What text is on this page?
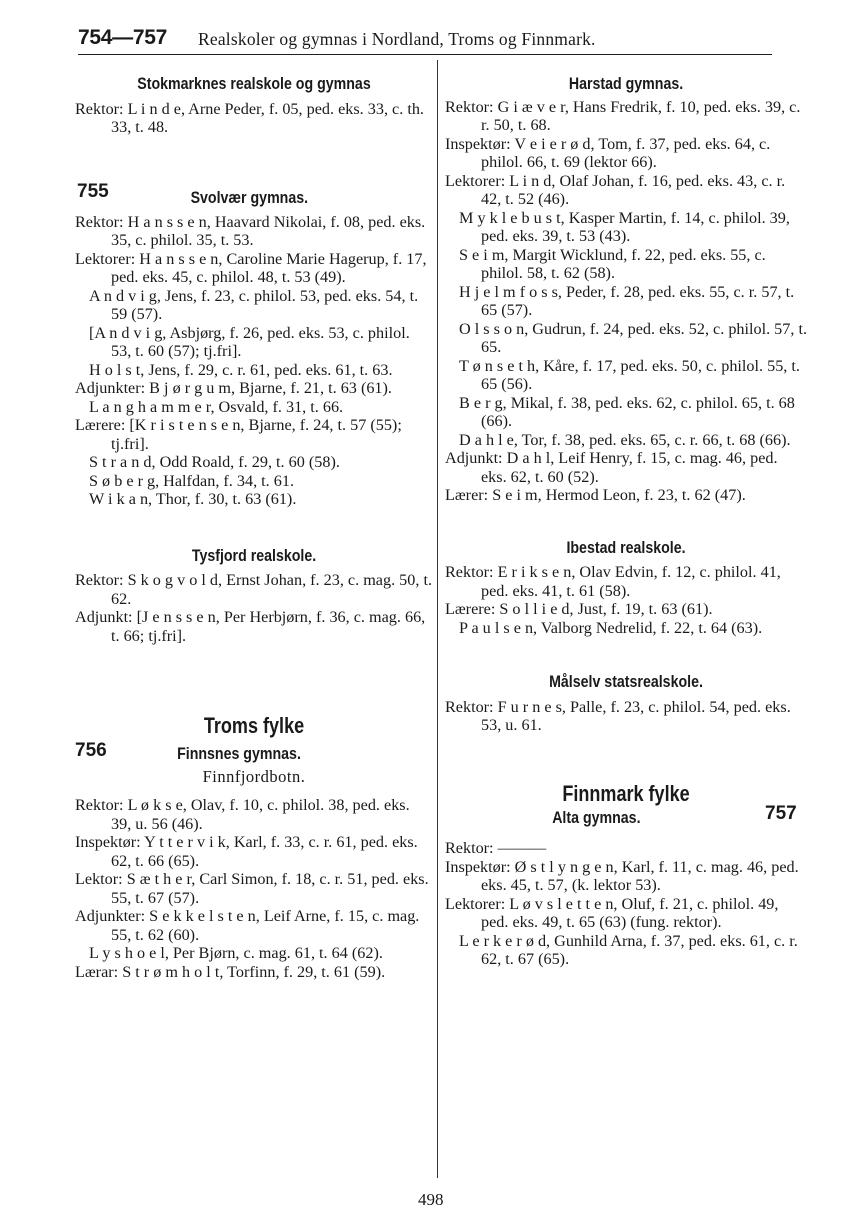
754—757 Realskoler og gymnas i Nordland, Troms og Finnmark.
Stokmarknes realskole og gymnas
Rektor: L i n d e, Arne Peder, f. 05, ped. eks. 33, c. th. 33, t. 48.
755	Svolvær gymnas.
Rektor: H a n s s e n, Haavard Nikolai, f. 08, ped. eks. 35, c. philol. 35, t. 53.
Lektorer: H a n s s e n, Caroline Marie Hagerup, f. 17, ped. eks. 45, c. philol. 48, t. 53 (49).
A n d v i g, Jens, f. 23, c. philol. 53, ped. eks. 54, t. 59 (57).
[A n d v i g, Asbjørg, f. 26, ped. eks. 53, c. philol. 53, t. 60 (57); tj.fri].
H o l s t, Jens, f. 29, c. r. 61, ped. eks. 61, t. 63.
Adjunkter: B j ø r g u m, Bjarne, f. 21, t. 63 (61).
L a n g h a m m e r, Osvald, f. 31, t. 66.
Lærere: [K r i s t e n s e n, Bjarne, f. 24, t. 57 (55); tj.fri].
S t r a n d, Odd Roald, f. 29, t. 60 (58).
S ø b e r g, Halfdan, f. 34, t. 61.
W i k a n, Thor, f. 30, t. 63 (61).
Tysfjord realskole.
Rektor: S k o g v o l d, Ernst Johan, f. 23, c. mag. 50, t. 62.
Adjunkt: [J e n s s e n, Per Herbjørn, f. 36, c. mag. 66, t. 66; tj.fri].
Troms fylke
756	Finnsnes gymnas.
Finnfjordbotn.
Rektor: L ø k s e, Olav, f. 10, c. philol. 38, ped. eks. 39, u. 56 (46).
Inspektør: Y t t e r v i k, Karl, f. 33, c. r. 61, ped. eks. 62, t. 66 (65).
Lektor: S æ t h e r, Carl Simon, f. 18, c. r. 51, ped. eks. 55, t. 67 (57).
Adjunkter: S e k k e l s t e n, Leif Arne, f. 15, c. mag. 55, t. 62 (60).
L y s h o e l, Per Bjørn, c. mag. 61, t. 64 (62).
Lærar: S t r ø m h o l t, Torfinn, f. 29, t. 61 (59).
Harstad gymnas.
Rektor: G i æ v e r, Hans Fredrik, f. 10, ped. eks. 39, c. r. 50, t. 68.
Inspektør: V e i e r ø d, Tom, f. 37, ped. eks. 64, c. philol. 66, t. 69 (lektor 66).
Lektorer: L i n d, Olaf Johan, f. 16, ped. eks. 43, c. r. 42, t. 52 (46).
M y k l e b u s t, Kasper Martin, f. 14, c. philol. 39, ped. eks. 39, t. 53 (43).
S e i m, Margit Wicklund, f. 22, ped. eks. 55, c. philol. 58, t. 62 (58).
H j e l m f o s s, Peder, f. 28, ped. eks. 55, c. r. 57, t. 65 (57).
O l s s o n, Gudrun, f. 24, ped. eks. 52, c. philol. 57, t. 65.
T ø n s e t h, Kåre, f. 17, ped. eks. 50, c. philol. 55, t. 65 (56).
B e r g, Mikal, f. 38, ped. eks. 62, c. philol. 65, t. 68 (66).
D a h l e, Tor, f. 38, ped. eks. 65, c. r. 66, t. 68 (66).
Adjunkt: D a h l, Leif Henry, f. 15, c. mag. 46, ped. eks. 62, t. 60 (52).
Lærer: S e i m, Hermod Leon, f. 23, t. 62 (47).
Ibestad realskole.
Rektor: E r i k s e n, Olav Edvin, f. 12, c. philol. 41, ped. eks. 41, t. 61 (58).
Lærere: S o l l i e d, Just, f. 19, t. 63 (61).
P a u l s e n, Valborg Nedrelid, f. 22, t. 64 (63).
Målselv statsrealskole.
Rektor: F u r n e s, Palle, f. 23, c. philol. 54, ped. eks. 53, u. 61.
Finnmark fylke
Alta gymnas.	757
Rektor: ———
Inspektør: Ø s t l y n g e n, Karl, f. 11, c. mag. 46, ped. eks. 45, t. 57, (k. lektor 53).
Lektorer: L ø v s l e t t e n, Oluf, f. 21, c. philol. 49, ped. eks. 49, t. 65 (63) (fung. rektor).
L e r k e r ø d, Gunhild Arna, f. 37, ped. eks. 61, c. r. 62, t. 67 (65).
498
